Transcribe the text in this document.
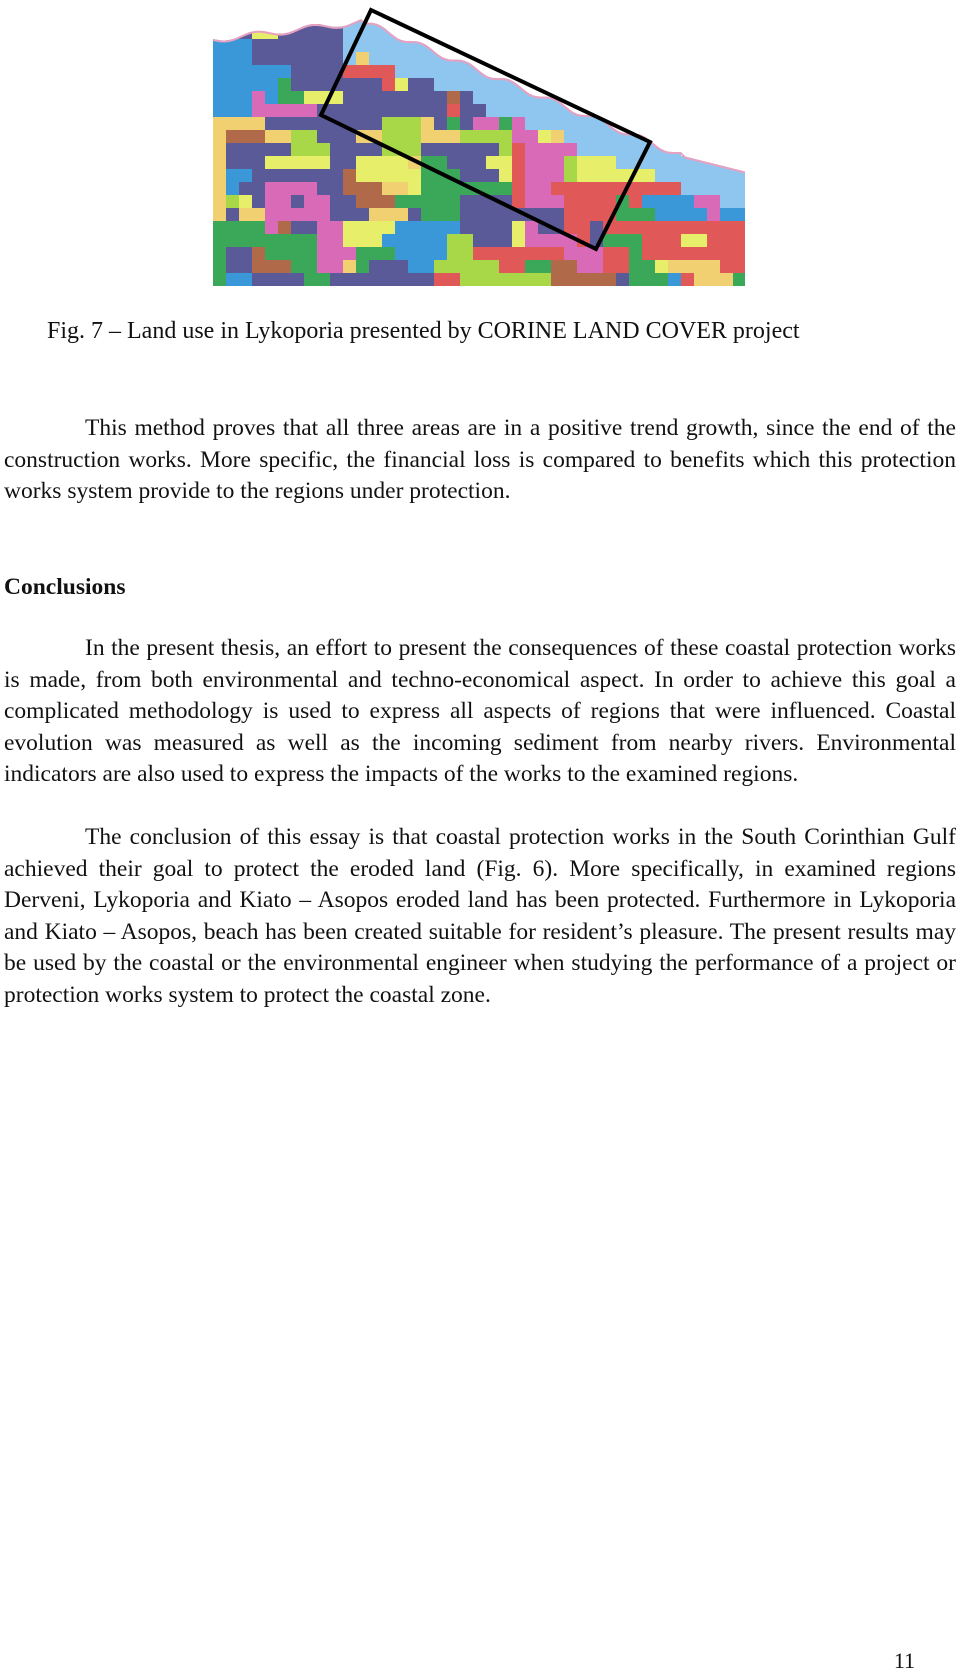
Fig. 7 – Land use in Lykoporia presented by CORINE LAND COVER project

This method proves that all three areas are in a positive trend growth, since the end of the construction works. More specific, the financial loss is compared to benefits which this protection works system provide to the regions under protection.

Conclusions

In the present thesis, an effort to present the consequences of these coastal protection works is made, from both environmental and techno-economical aspect. In order to achieve this goal a complicated methodology is used to express all aspects of regions that were influenced. Coastal evolution was measured as well as the incoming sediment from nearby rivers. Environmental indicators are also used to express the impacts of the works to the examined regions.

The conclusion of this essay is that coastal protection works in the South Corinthian Gulf achieved their goal to protect the eroded land (Fig. 6). More specifically, in examined regions Derveni, Lykoporia and Kiato – Asopos eroded land has been protected. Furthermore in Lykoporia and Kiato – Asopos, beach has been created suitable for resident’s pleasure. The present results may be used by the coastal or the environmental engineer when studying the performance of a project or protection works system to protect the coastal zone.

11
